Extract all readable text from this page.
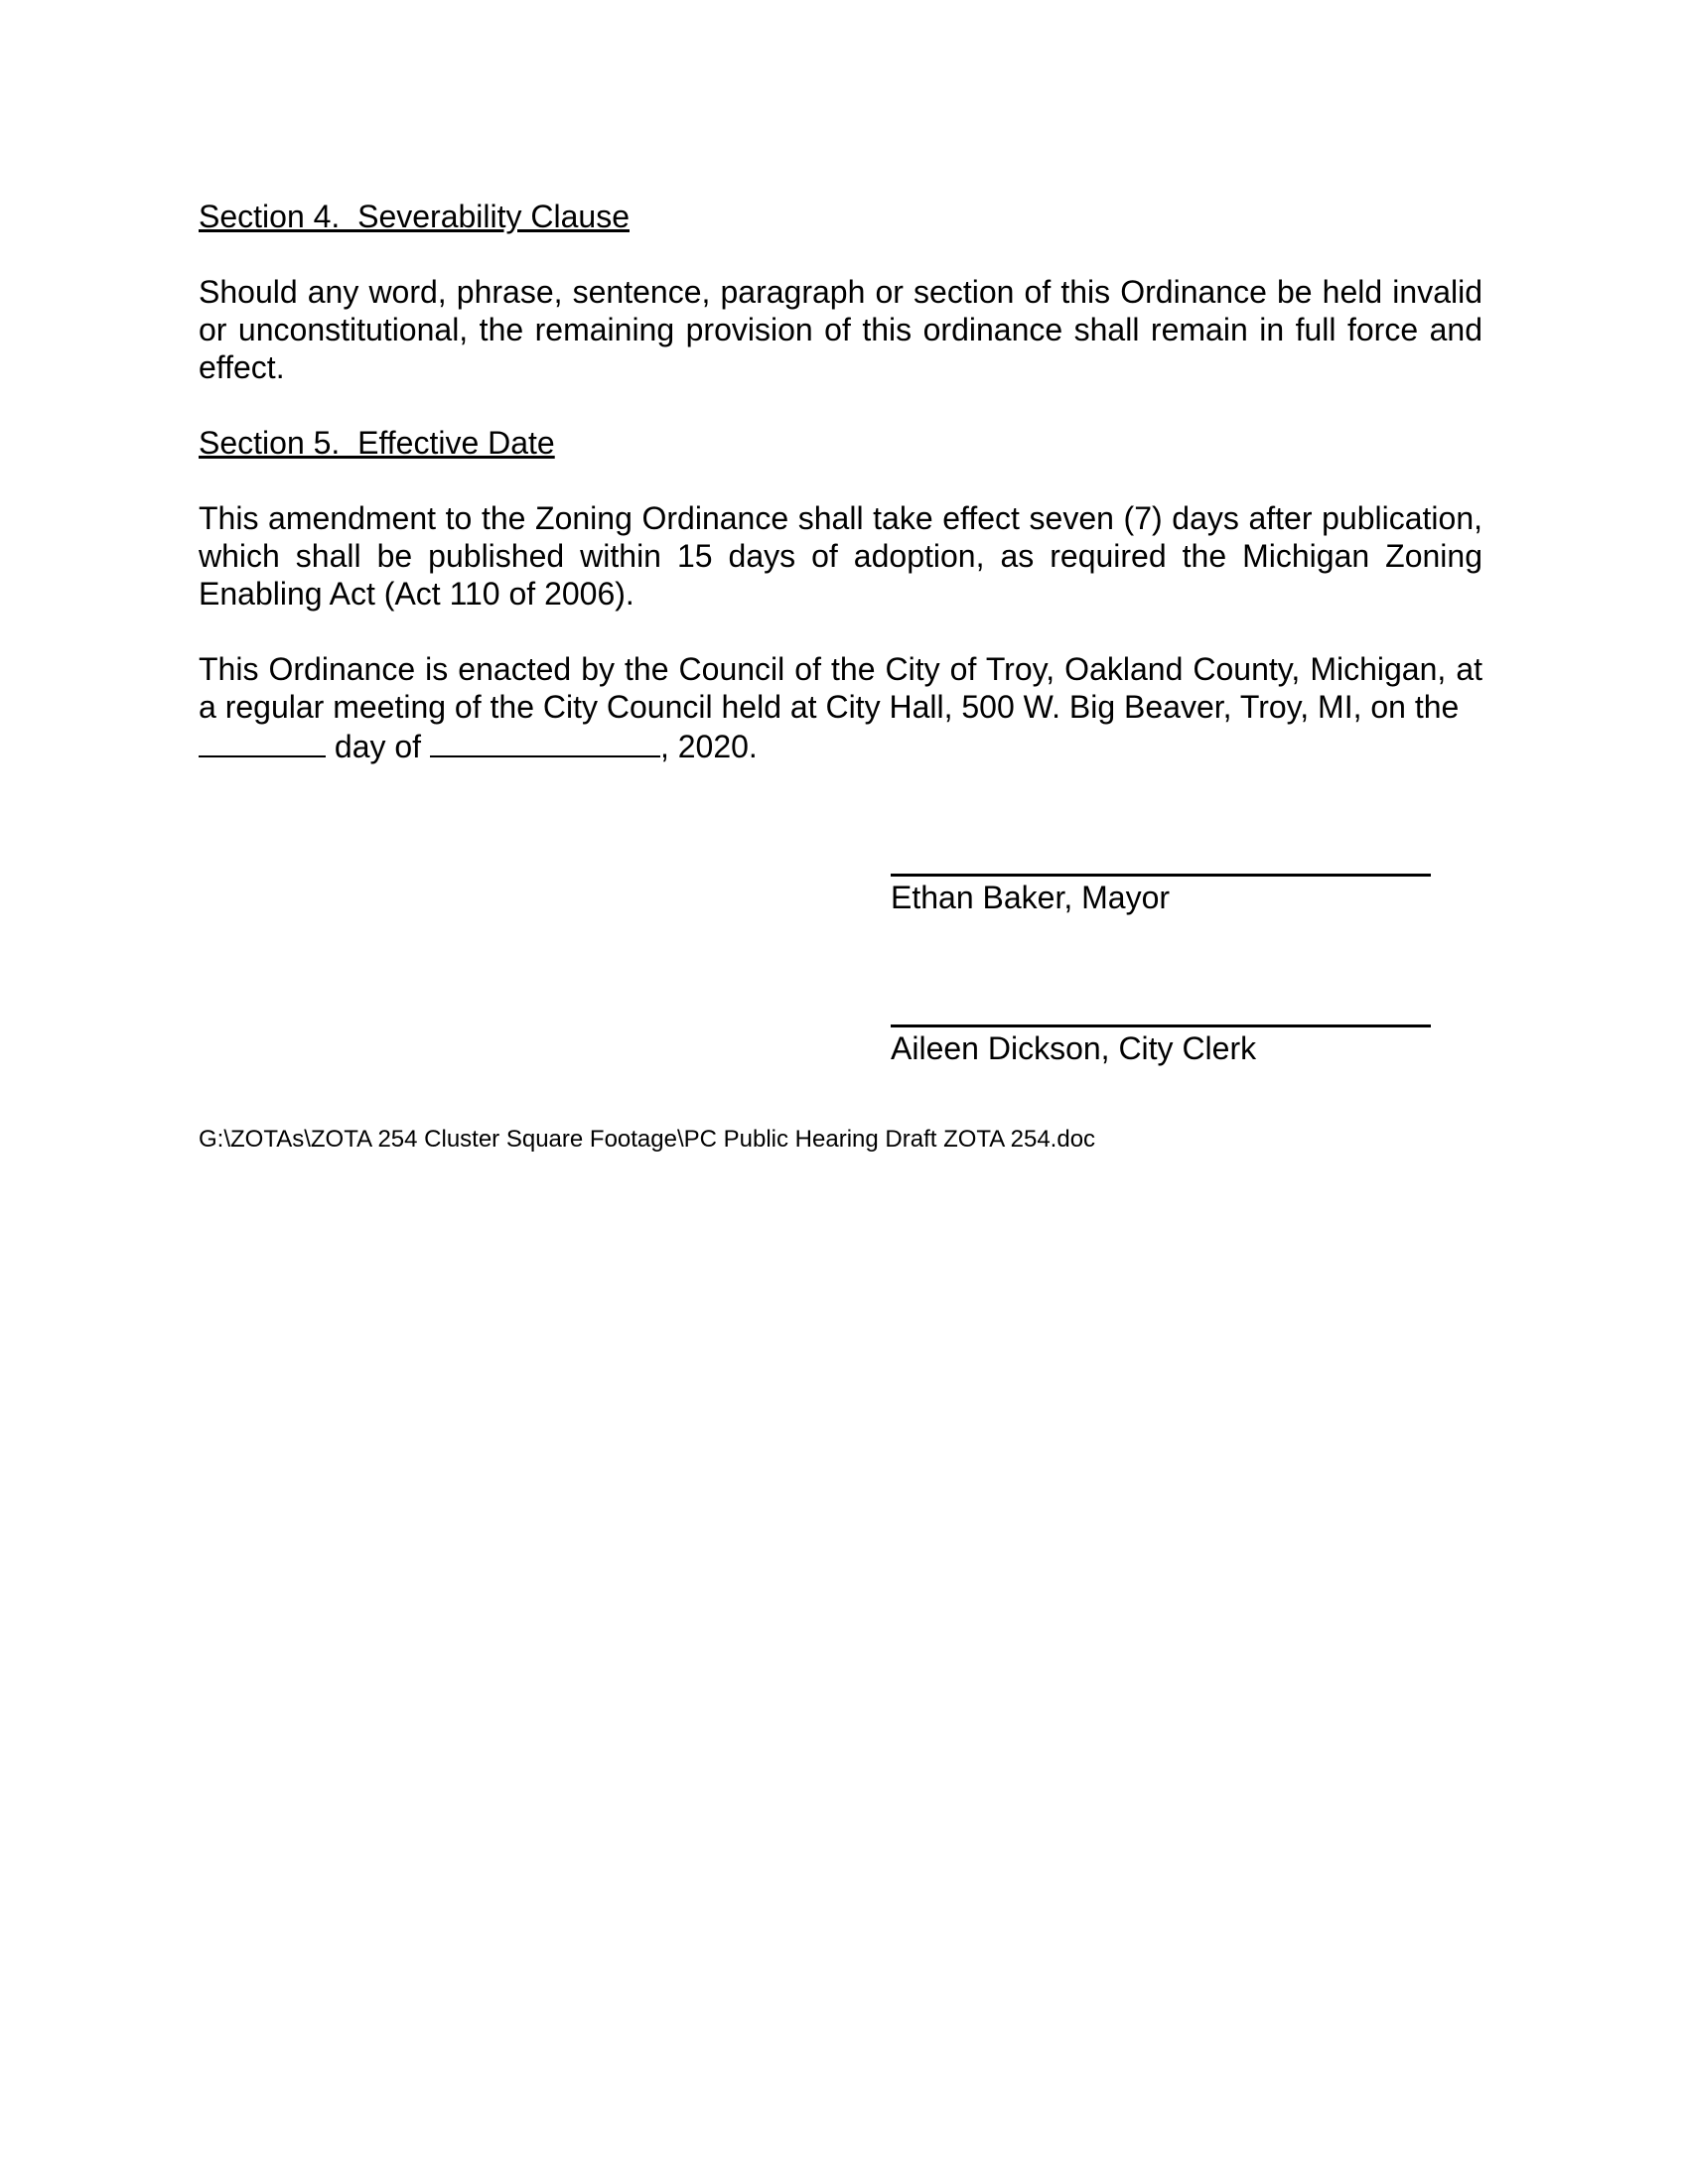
Section 4.  Severability Clause
Should any word, phrase, sentence, paragraph or section of this Ordinance be held invalid or unconstitutional, the remaining provision of this ordinance shall remain in full force and effect.
Section 5.  Effective Date
This amendment to the Zoning Ordinance shall take effect seven (7) days after publication, which shall be published within 15 days of adoption, as required the Michigan Zoning Enabling Act (Act 110 of 2006).
This Ordinance is enacted by the Council of the City of Troy, Oakland County, Michigan, at a regular meeting of the City Council held at City Hall, 500 W. Big Beaver, Troy, MI, on the
day of	, 2020.
Ethan Baker, Mayor
Aileen Dickson, City Clerk
G:\ZOTAs\ZOTA 254 Cluster Square Footage\PC Public Hearing Draft ZOTA 254.doc
